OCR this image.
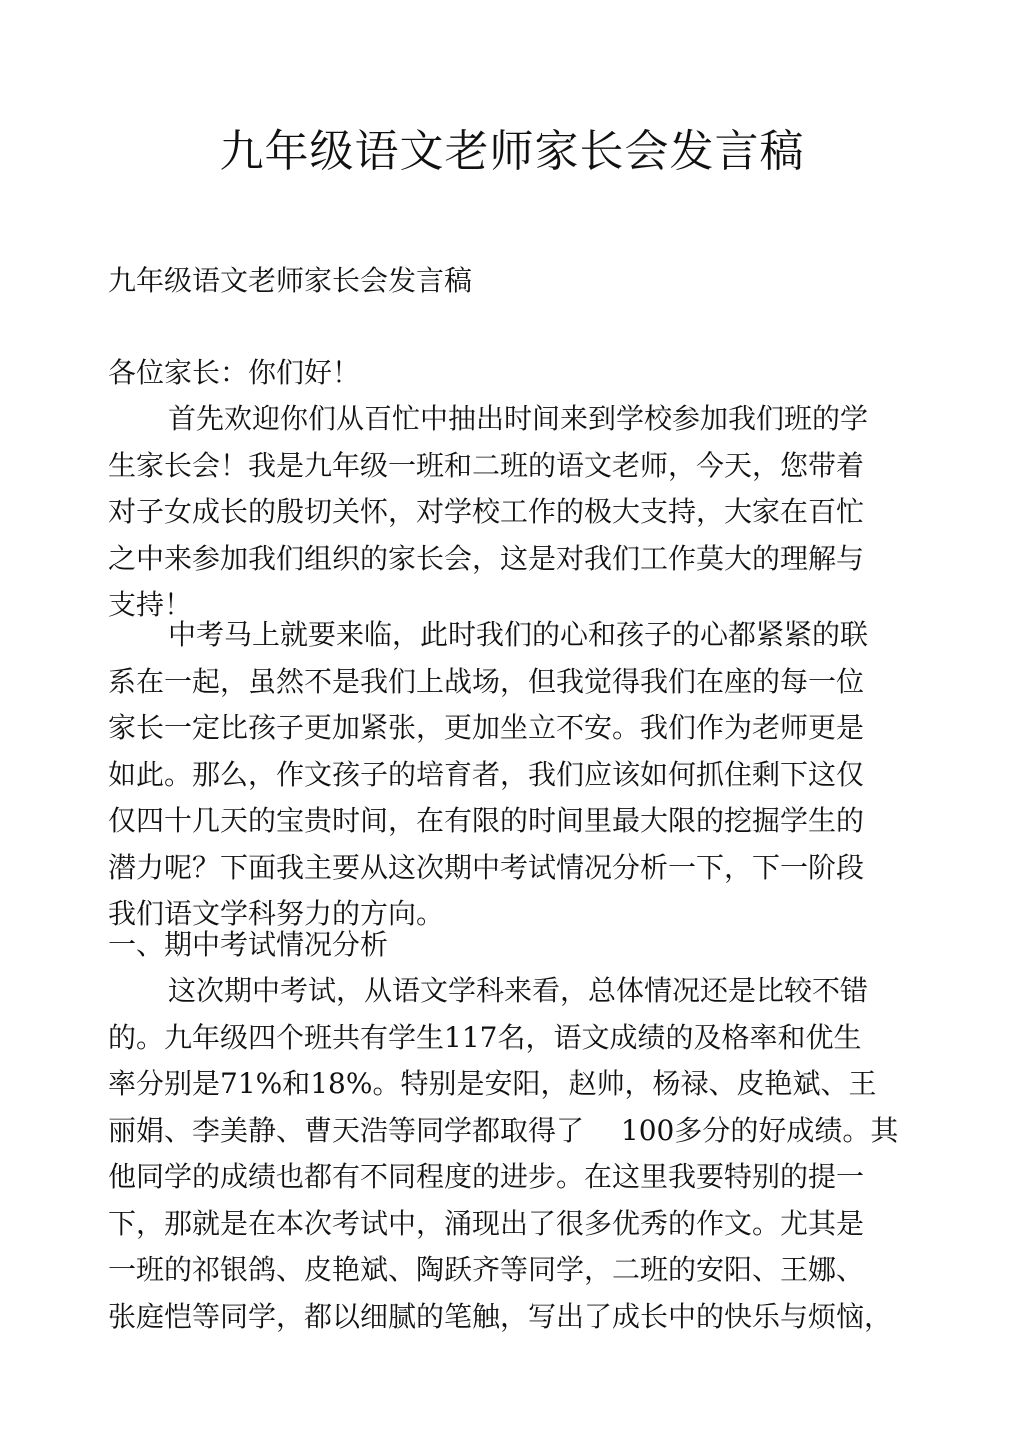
九年级语文老师家长会发言稿
九年级语文老师家长会发言稿
各位家长：你们好！
首先欢迎你们从百忙中抽出时间来到学校参加我们班的学
生家长会！我是九年级一班和二班的语文老师，今天，您带着
对子女成长的殷切关怀，对学校工作的极大支持，大家在百忙
之中来参加我们组织的家长会，这是对我们工作莫大的理解与
支持！
中考马上就要来临，此时我们的心和孩子的心都紧紧的联
系在一起，虽然不是我们上战场，但我觉得我们在座的每一位
家长一定比孩子更加紧张，更加坐立不安。我们作为老师更是
如此。那么，作文孩子的培育者，我们应该如何抓住剩下这仅
仅四十几天的宝贵时间，在有限的时间里最大限的挖掘学生的
潜力呢？下面我主要从这次期中考试情况分析一下，下一阶段
我们语文学科努力的方向。
一、期中考试情况分析
这次期中考试，从语文学科来看，总体情况还是比较不错
的。九年级四个班共有学生117名，语文成绩的及格率和优生
率分别是71%和18%。特别是安阳，赵帅，杨禄、皮艳斌、王
丽娟、李美静、曹天浩等同学都取得了　 100多分的好成绩。其
他同学的成绩也都有不同程度的进步。在这里我要特别的提一
下，那就是在本次考试中，涌现出了很多优秀的作文。尤其是
一班的祁银鸽、皮艳斌、陶跃齐等同学，二班的安阳、王娜、
张庭恺等同学，都以细腻的笔触，写出了成长中的快乐与烦恼，
